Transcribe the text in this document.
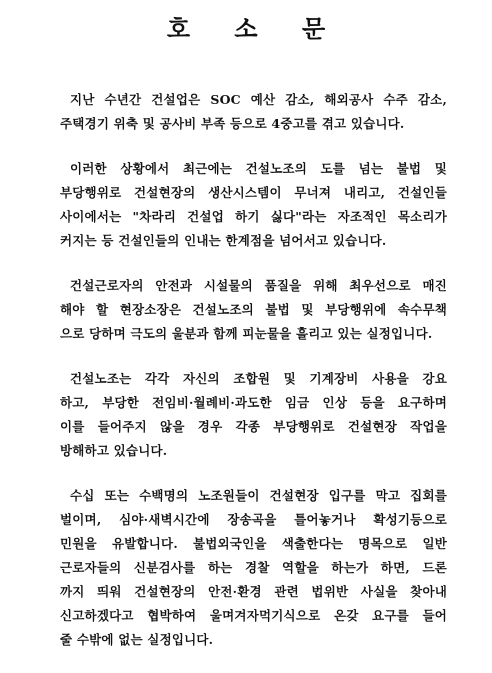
호 소 문
지난 수년간 건설업은 SOC 예산 감소, 해외공사 수주 감소,
주택경기 위축 및 공사비 부족 등으로 4중고를 겪고 있습니다.
이러한 상황에서 최근에는 건설노조의 도를 넘는 불법 및
부당행위로 건설현장의 생산시스템이 무너져 내리고, 건설인들
사이에서는 "차라리 건설업 하기 싫다"라는 자조적인 목소리가
커지는 등 건설인들의 인내는 한계점을 넘어서고 있습니다.
건설근로자의 안전과 시설물의 품질을 위해 최우선으로 매진
해야 할 현장소장은 건설노조의 불법 및 부당행위에 속수무책
으로 당하며 극도의 울분과 함께 피눈물을 흘리고 있는 실정입니다.
건설노조는 각각 자신의 조합원 및 기계장비 사용을 강요
하고, 부당한 전임비·월례비·과도한 임금 인상 등을 요구하며
이를 들어주지 않을 경우 각종 부당행위로 건설현장 작업을
방해하고 있습니다.
수십 또는 수백명의 노조원들이 건설현장 입구를 막고 집회를
벌이며, 심야·새벽시간에 장송곡을 틀어놓거나 확성기등으로
민원을 유발합니다. 불법외국인을 색출한다는 명목으로 일반
근로자들의 신분검사를 하는 경찰 역할을 하는가 하면, 드론
까지 띄워 건설현장의 안전·환경 관련 법위반 사실을 찾아내
신고하겠다고 협박하여 울며겨자먹기식으로 온갖 요구를 들어
줄 수밖에 없는 실정입니다.
